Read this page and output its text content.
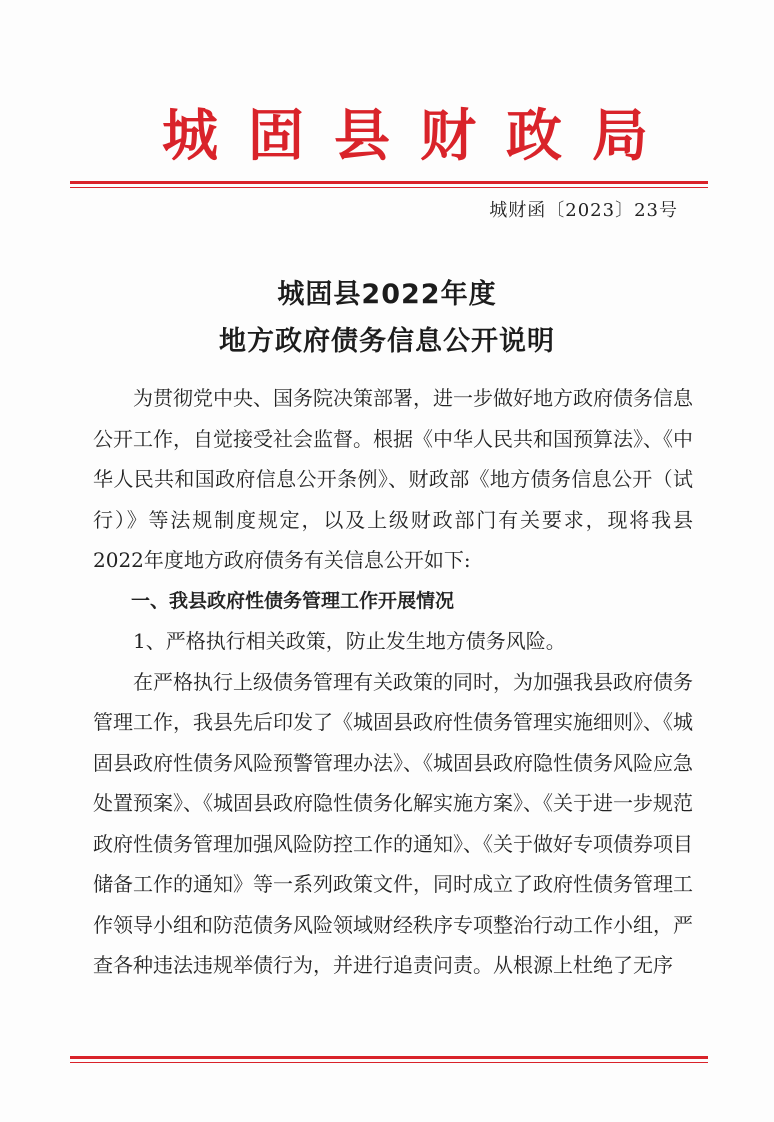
城固县财政局
城财函〔2023〕23号
城固县2022年度
地方政府债务信息公开说明

为贯彻党中央、国务院决策部署，进一步做好地方政府债务信息公开工作，自觉接受社会监督。根据《中华人民共和国预算法》、《中华人民共和国政府信息公开条例》、财政部《地方债务信息公开（试行）》等法规制度规定，以及上级财政部门有关要求，现将我县2022年度地方政府债务有关信息公开如下:

一、我县政府性债务管理工作开展情况

1、严格执行相关政策，防止发生地方债务风险。

在严格执行上级债务管理有关政策的同时，为加强我县政府债务管理工作，我县先后印发了《城固县政府性债务管理实施细则》、《城固县政府性债务风险预警管理办法》、《城固县政府隐性债务风险应急处置预案》、《城固县政府隐性债务化解实施方案》、《关于进一步规范政府性债务管理加强风险防控工作的通知》、《关于做好专项债券项目储备工作的通知》等一系列政策文件，同时成立了政府性债务管理工作领导小组和防范债务风险领域财经秩序专项整治行动工作小组，严查各种违法违规举债行为，并进行追责问责。从根源上杜绝了无序
